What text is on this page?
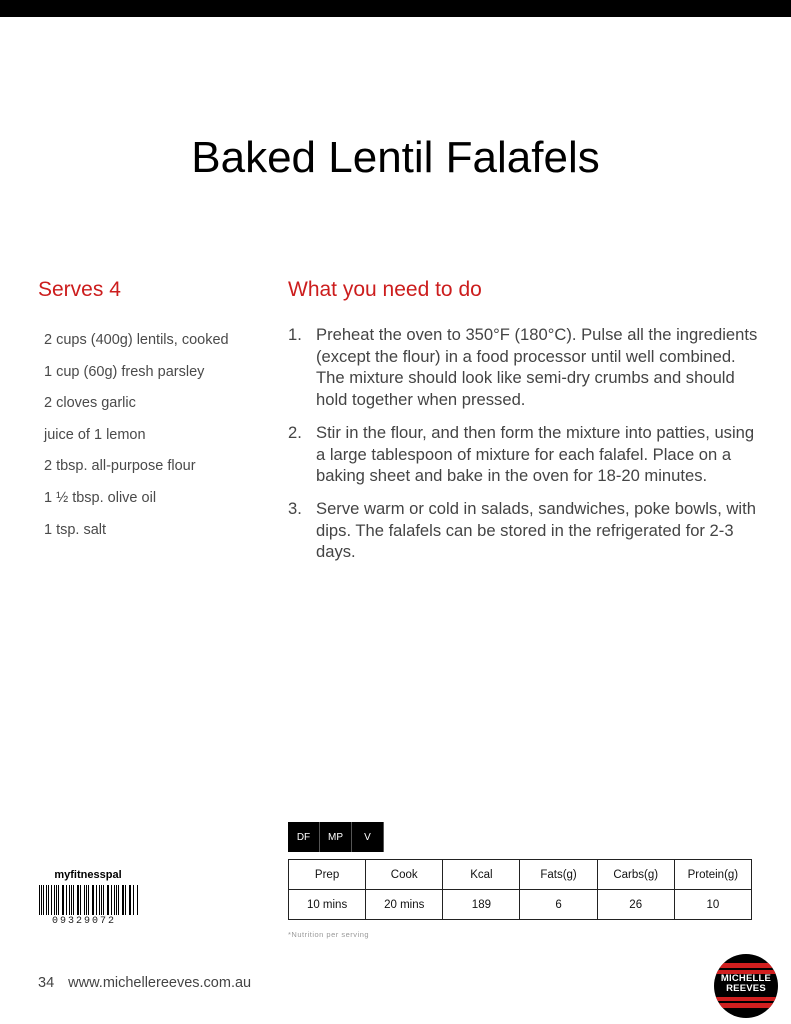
Baked Lentil Falafels
Serves 4
2 cups (400g) lentils, cooked
1 cup (60g) fresh parsley
2 cloves garlic
juice of 1 lemon
2 tbsp. all-purpose flour
1 ½ tbsp. olive oil
1 tsp. salt
What you need to do
1. Preheat the oven to 350°F (180°C). Pulse all the ingredients (except the flour) in a food processor until well combined. The mixture should look like semi-dry crumbs and should hold together when pressed.
2. Stir in the flour, and then form the mixture into patties, using a large tablespoon of mixture for each falafel. Place on a baking sheet and bake in the oven for 18-20 minutes.
3. Serve warm or cold in salads, sandwiches, poke bowls, with dips. The falafels can be stored in the refrigerated for 2-3 days.
DF	MP	V
Prep	Cook	Kcal	Fats(g)	Carbs(g)	Protein(g)
10 mins	20 mins	189	6	26	10
*Nutrition per serving
myfitnesspal
09329072
34 www.michellereeves.com.au	MICHELLE
REEVES
